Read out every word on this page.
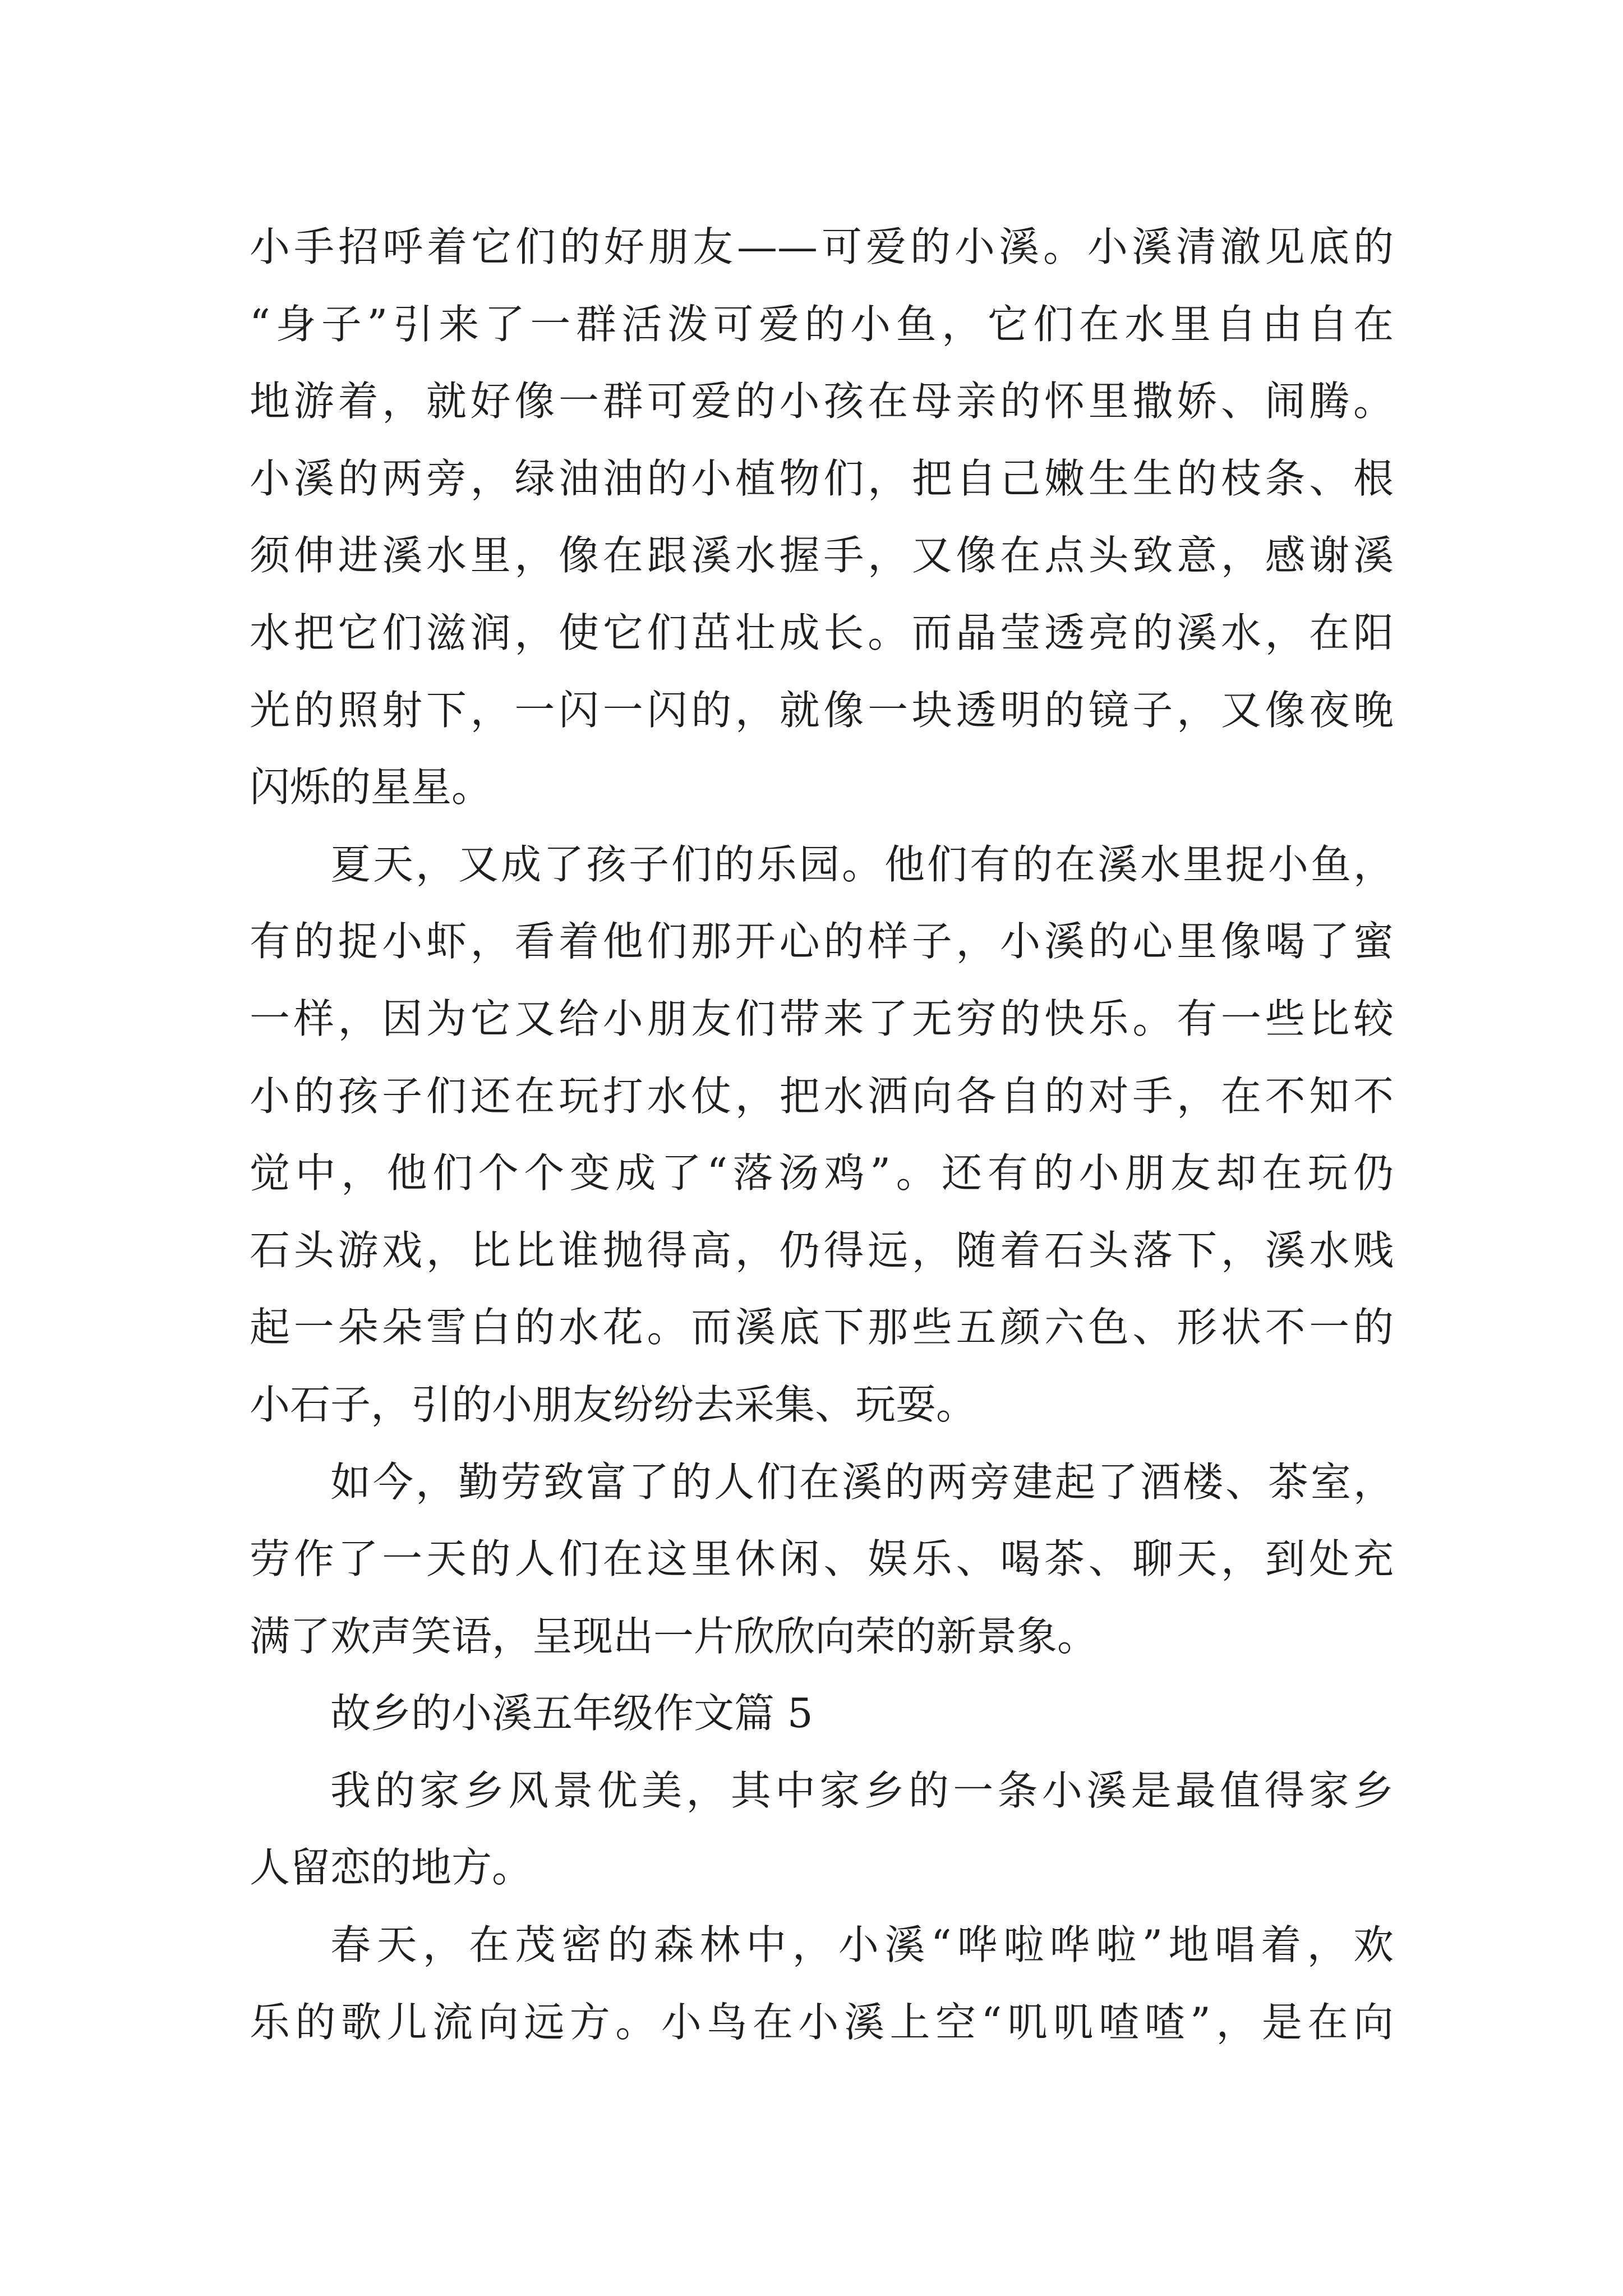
小手招呼着它们的好朋友——可爱的小溪。小溪清澈见底的
“身子”引来了一群活泼可爱的小鱼，它们在水里自由自在
地游着，就好像一群可爱的小孩在母亲的怀里撒娇、闹腾。
小溪的两旁，绿油油的小植物们，把自己嫩生生的枝条、根
须伸进溪水里，像在跟溪水握手，又像在点头致意，感谢溪
水把它们滋润，使它们茁壮成长。而晶莹透亮的溪水，在阳
光的照射下，一闪一闪的，就像一块透明的镜子，又像夜晚
闪烁的星星。
夏天，又成了孩子们的乐园。他们有的在溪水里捉小鱼，
有的捉小虾，看着他们那开心的样子，小溪的心里像喝了蜜
一样，因为它又给小朋友们带来了无穷的快乐。有一些比较
小的孩子们还在玩打水仗，把水洒向各自的对手，在不知不
觉中，他们个个变成了“落汤鸡”。还有的小朋友却在玩仍
石头游戏，比比谁抛得高，仍得远，随着石头落下，溪水贱
起一朵朵雪白的水花。而溪底下那些五颜六色、形状不一的
小石子，引的小朋友纷纷去采集、玩耍。
如今，勤劳致富了的人们在溪的两旁建起了酒楼、茶室，
劳作了一天的人们在这里休闲、娱乐、喝茶、聊天，到处充
满了欢声笑语，呈现出一片欣欣向荣的新景象。
故乡的小溪五年级作文篇 5
我的家乡风景优美，其中家乡的一条小溪是最值得家乡
人留恋的地方。
春天，在茂密的森林中，小溪“哗啦哗啦”地唱着，欢
乐的歌儿流向远方。小鸟在小溪上空“叽叽喳喳”，是在向
